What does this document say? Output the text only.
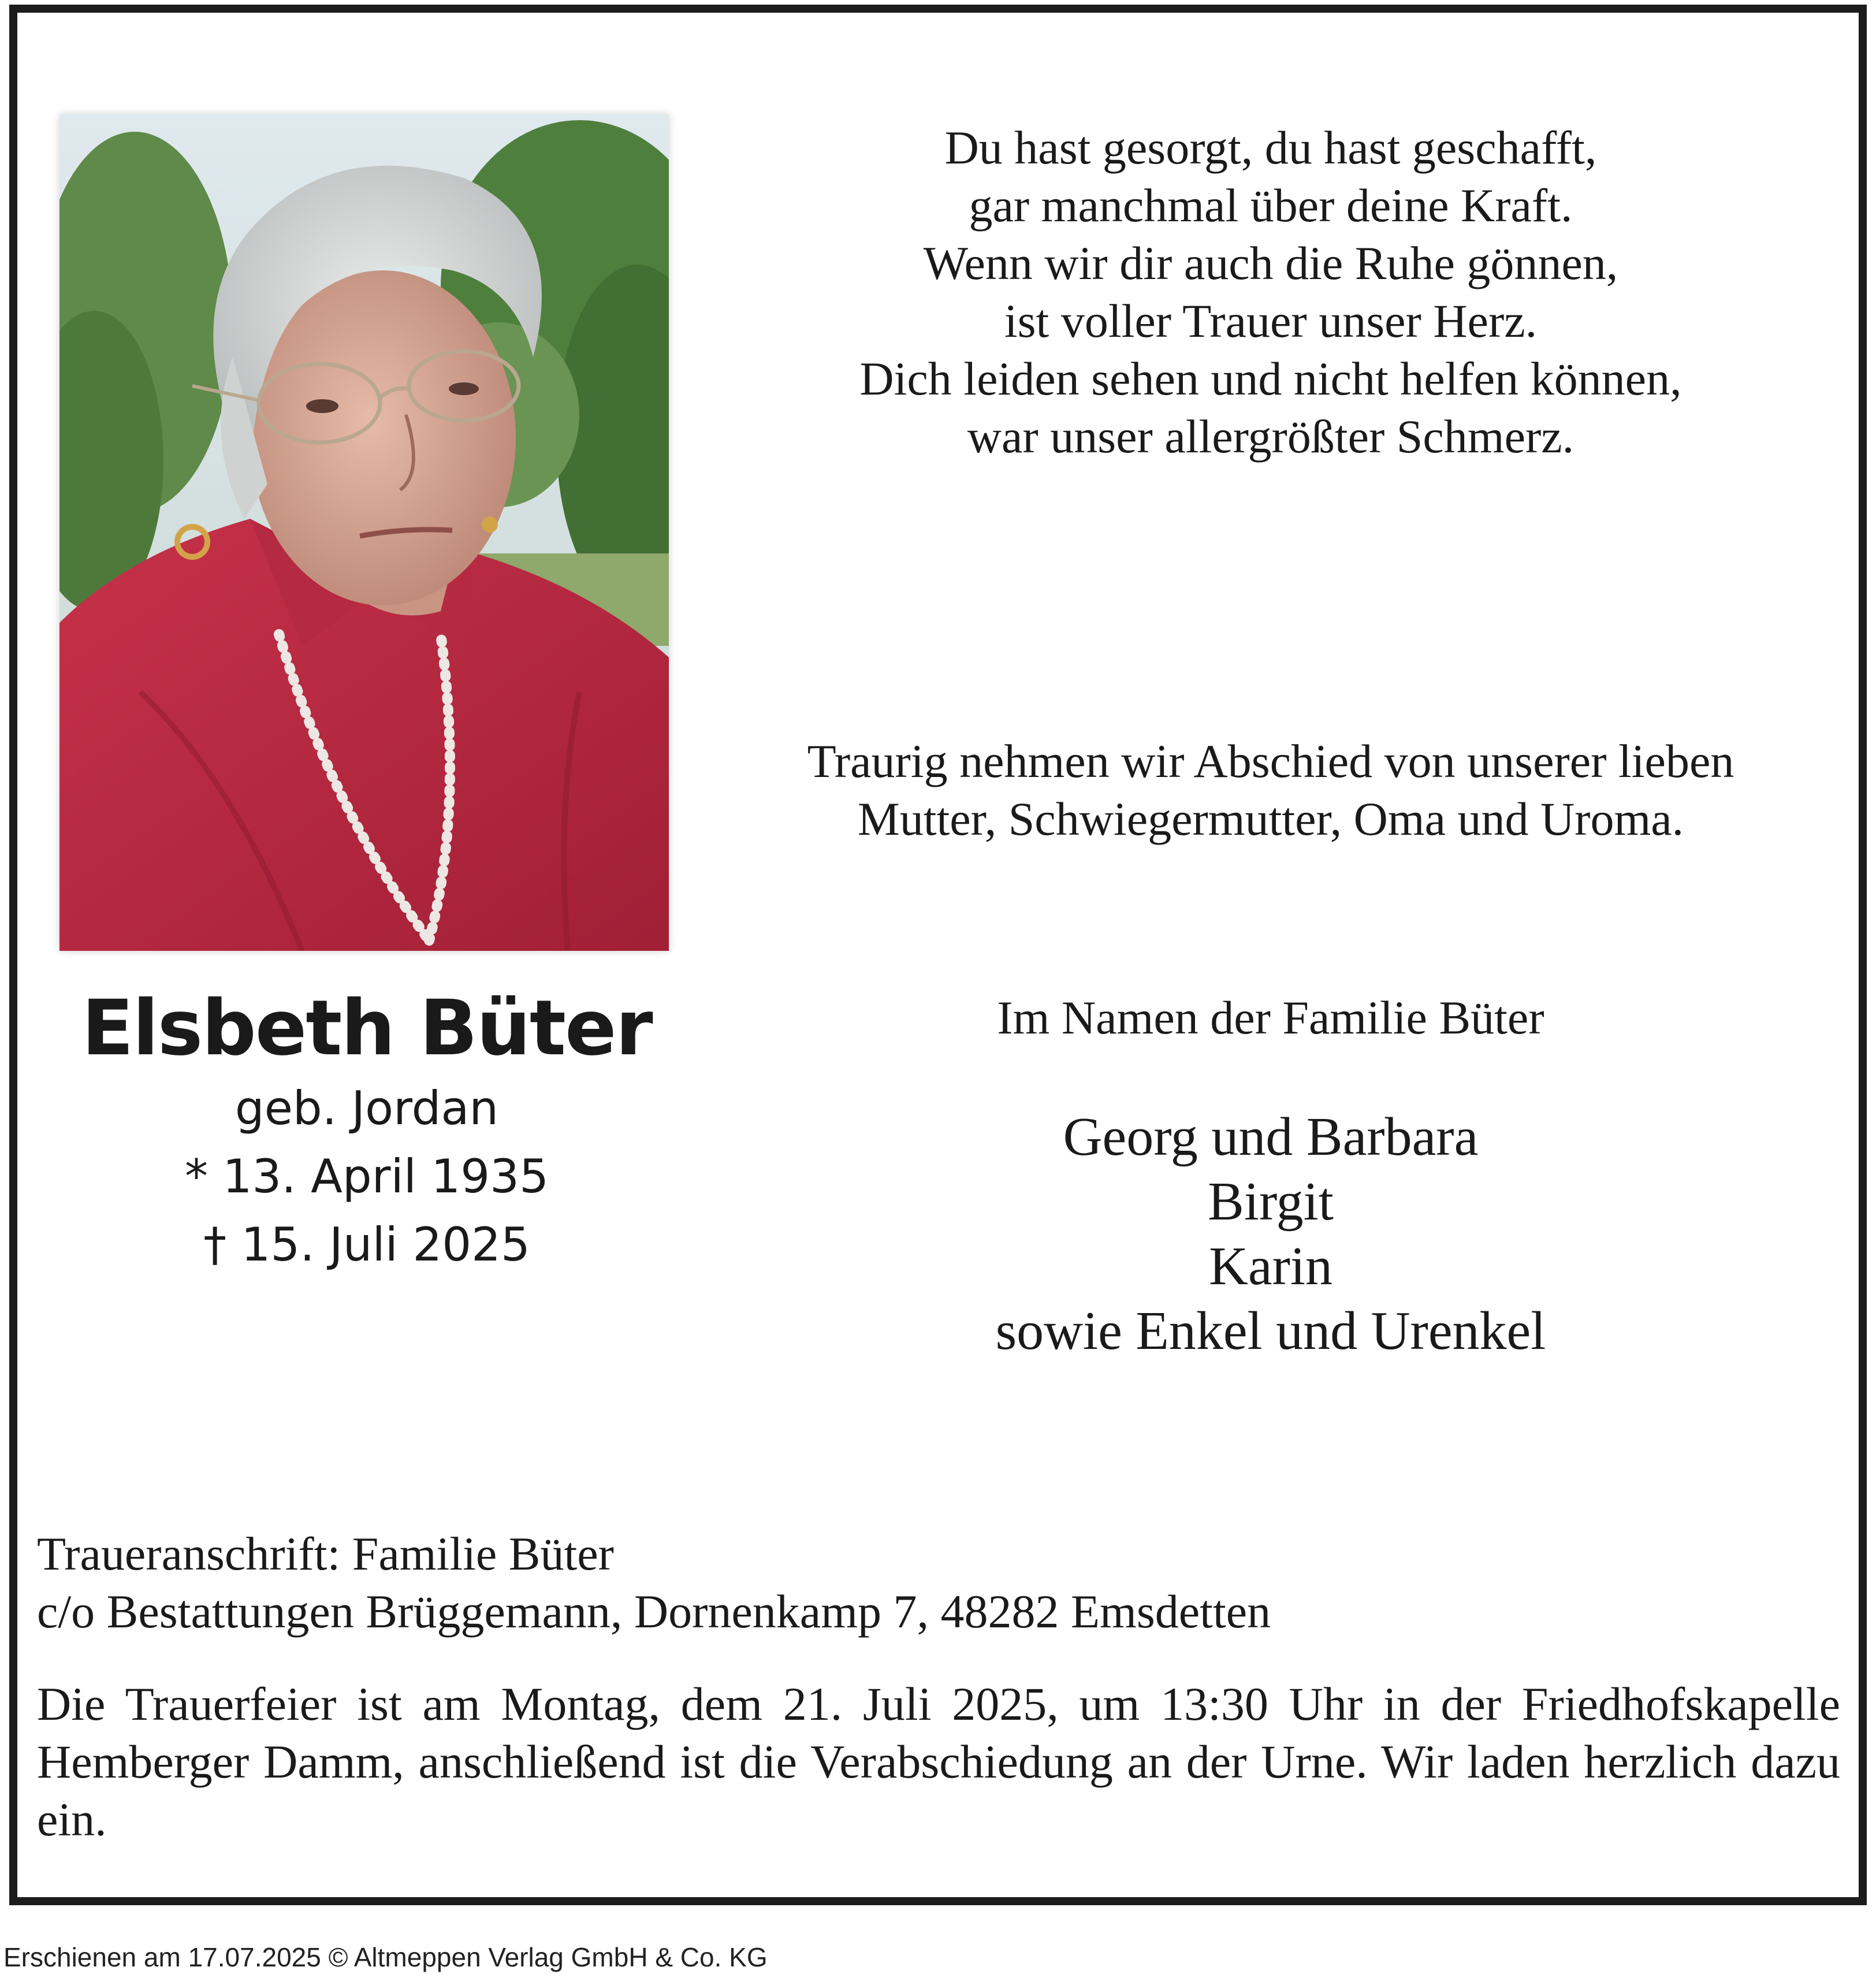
Du hast gesorgt, du hast geschafft,
gar manchmal über deine Kraft.
Wenn wir dir auch die Ruhe gönnen,
ist voller Trauer unser Herz.
Dich leiden sehen und nicht helfen können,
war unser allergrößter Schmerz.
Traurig nehmen wir Abschied von unserer lieben
Mutter, Schwiegermutter, Oma und Uroma.
Elsbeth Büter
geb. Jordan
* 13. April 1935
† 15. Juli 2025
Im Namen der Familie Büter
Georg und Barbara
Birgit
Karin
sowie Enkel und Urenkel
Traueranschrift: Familie Büter
c/o Bestattungen Brüggemann, Dornenkamp 7, 48282 Emsdetten
Die Trauerfeier ist am Montag, dem 21. Juli 2025, um 13:30 Uhr in der Friedhofskapelle Hemberger Damm, anschließend ist die Verabschiedung an der Urne. Wir laden herzlich dazu ein.
Erschienen am 17.07.2025 © Altmeppen Verlag GmbH & Co. KG
